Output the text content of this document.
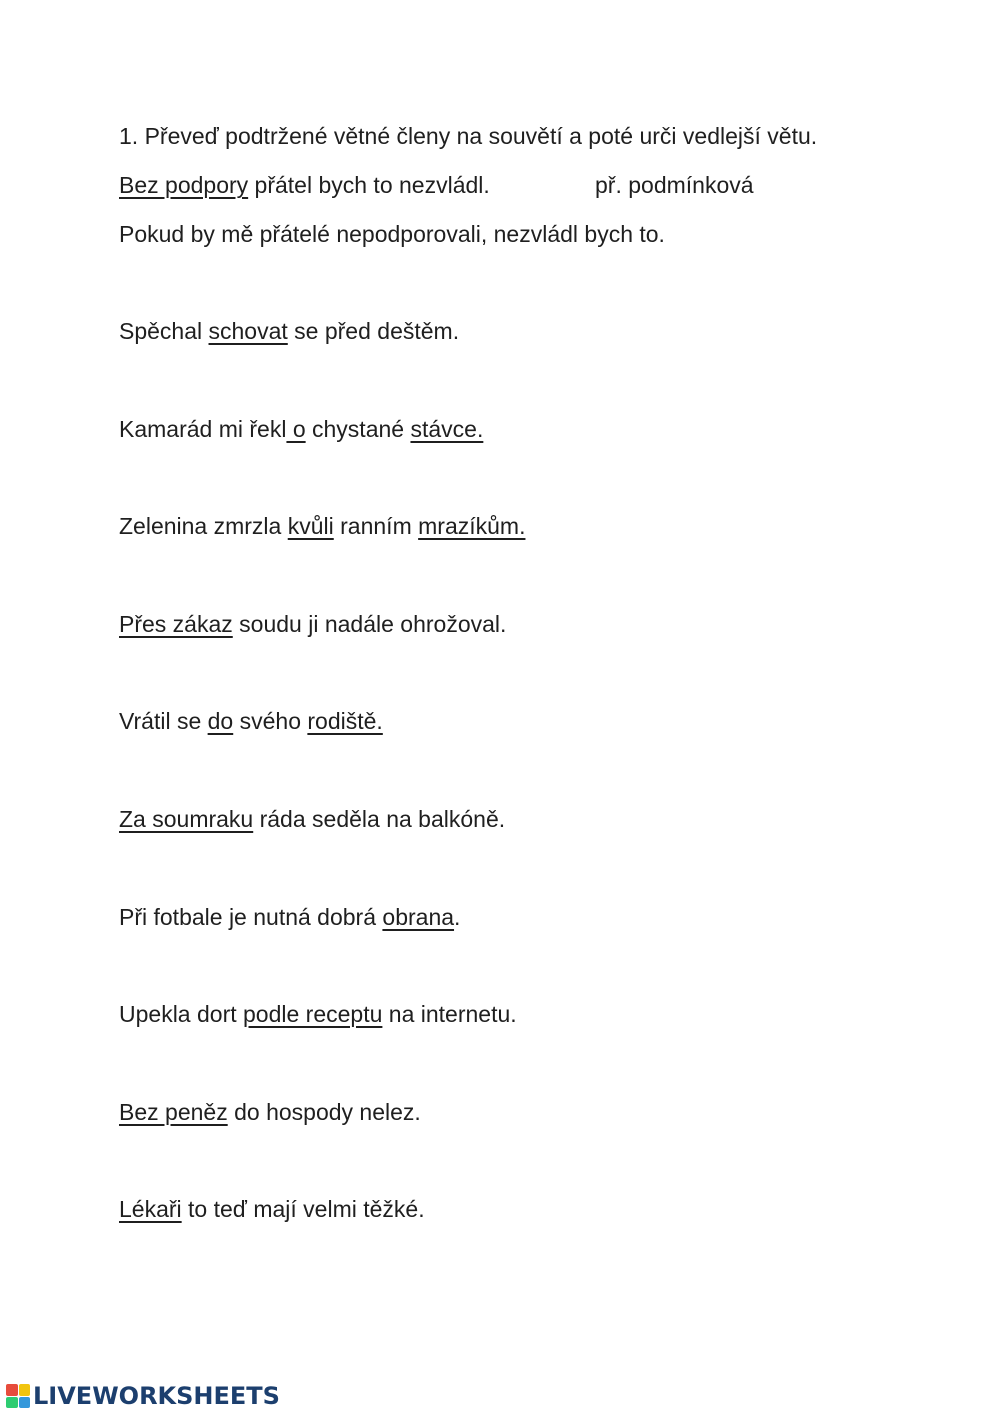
1. Převeď podtržené větné členy na souvětí a poté urči vedlejší větu.
Bez podpory přátel bych to nezvládl.	př. podmínková
Pokud by mě přátelé nepodporovali, nezvládl bych to.
Spěchal schovat se před deštěm.
Kamarád mi řekl o chystané stávce.
Zelenina zmrzla kvůli ranním mrazíkům.
Přes zákaz soudu ji nadále ohrožoval.
Vrátil se do svého rodiště.
Za soumraku ráda seděla na balkóně.
Při fotbale je nutná dobrá obrana.
Upekla dort podle receptu na internetu.
Bez peněz do hospody nelez.
Lékaři to teď mají velmi těžké.
LIVEWORKSHEETS
